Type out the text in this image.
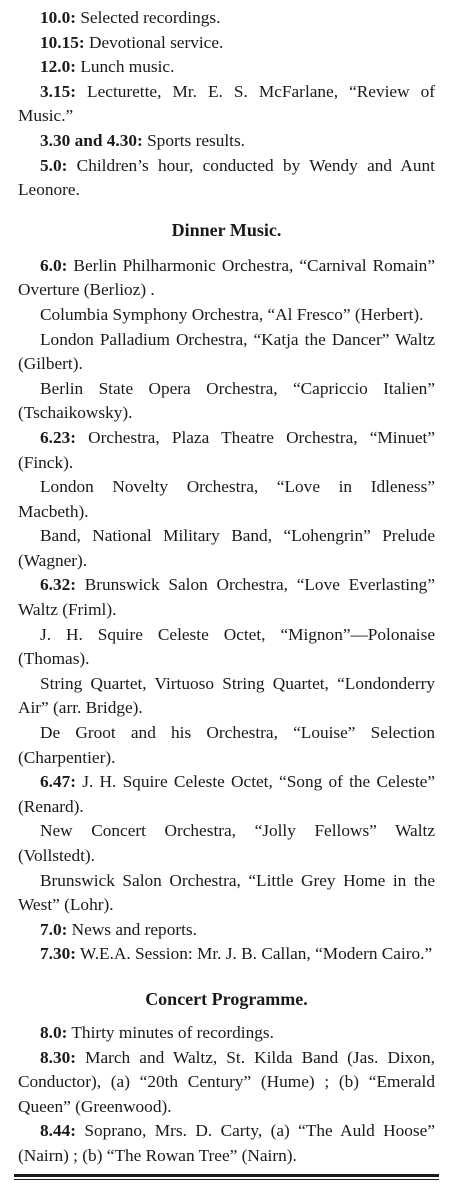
10.0: Selected recordings.

10.15: Devotional service.

12.0: Lunch music.

3.15: Lecturette, Mr. E. S. McFarlane, “Review of Music.”

3.30 and 4.30: Sports results.

5.0: Children’s hour, conducted by Wendy and Aunt Leonore.

Dinner Music.

6.0: Berlin Philharmonic Orchestra, “Carnival Romain” Overture (Berlioz) .

Columbia Symphony Orchestra, “Al Fresco” (Herbert).

London Palladium Orchestra, “Katja the Dancer” Waltz (Gilbert).

Berlin State Opera Orchestra, “Capriccio Italien” (Tschaikowsky).

6.23: Orchestra, Plaza Theatre Orchestra, “Minuet” (Finck).

London Novelty Orchestra, “Love in Idleness” Macbeth).

Band, National Military Band, “Lohengrin” Prelude (Wagner).

6.32: Brunswick Salon Orchestra, “Love Everlasting” Waltz (Friml).

J. H. Squire Celeste Octet, “Mignon”—Polonaise (Thomas).

String Quartet, Virtuoso String Quartet, “Londonderry Air” (arr. Bridge).

De Groot and his Orchestra, “Louise” Selection (Charpentier).

6.47: J. H. Squire Celeste Octet, “Song of the Celeste” (Renard).

New Concert Orchestra, “Jolly Fellows” Waltz (Vollstedt).

Brunswick Salon Orchestra, “Little Grey Home in the West” (Lohr).

7.0: News and reports.

7.30: W.E.A. Session: Mr. J. B. Callan, “Modern Cairo.”

Concert Programme.

8.0: Thirty minutes of recordings.

8.30: March and Waltz, St. Kilda Band (Jas. Dixon, Conductor), (a) “20th Century” (Hume) ; (b) “Emerald Queen” (Greenwood).

8.44: Soprano, Mrs. D. Carty, (a) “The Auld Hoose” (Nairn) ; (b) “The Rowan Tree” (Nairn).
